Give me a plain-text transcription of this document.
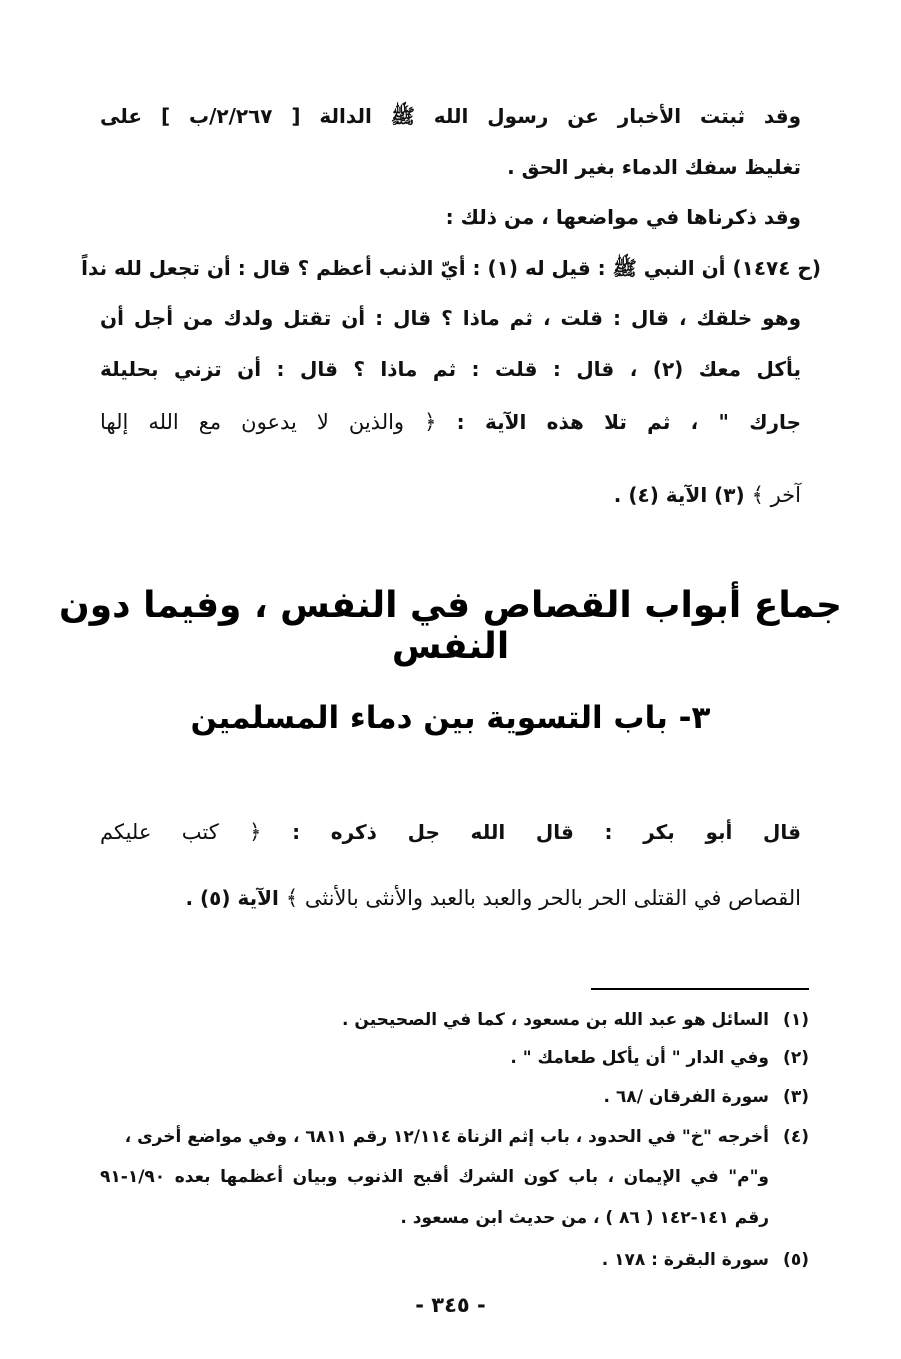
وقد ثبتت الأخبار عن رسول الله ﷺ الدالة [ ٢/٢٦٧/ب ] على
تغليظ سفك الدماء بغير الحق .
وقد ذكرناها في مواضعها ، من ذلك :
(ح ١٤٧٤) أن النبي ﷺ : قيل له (١) : أيّ الذنب أعظم ؟ قال : أن تجعل لله نداً
وهو خلقك ، قال : قلت ، ثم ماذا ؟ قال : أن تقتل ولدك من أجل أن
يأكل معك (٢) ، قال : قلت : ثم ماذا ؟ قال : أن تزني بحليلة
جارك " ، ثم تلا هذه الآية : ﴿ والذين لا يدعون مع الله إلها
آخر ﴾ (٣) الآية (٤) .
جماع أبواب القصاص في النفس ، وفيما دون النفس
٣- باب التسوية بين دماء المسلمين
قال أبو بكر : قال الله جل ذكره : ﴿ كتب عليكم
القصاص في القتلى الحر بالحر والعبد بالعبد والأنثى بالأنثى ﴾ الآية (٥) .
(١)السائل هو عبد الله بن مسعود ، كما في الصحيحين .
(٢)وفي الدار " أن يأكل طعامك " .
(٣)سورة الفرقان /٦٨ .
(٤)أخرجه "خ" في الحدود ، باب إثم الزناة ١٢/١١٤ رقم ٦٨١١ ، وفي مواضع أخرى ،
و"م" في الإيمان ، باب كون الشرك أقبح الذنوب وبيان أعظمها بعده ١/٩٠-٩١
رقم ١٤١-١٤٢ ( ٨٦ ) ، من حديث ابن مسعود .
(٥)سورة البقرة : ١٧٨ .
- ٣٤٥ -
